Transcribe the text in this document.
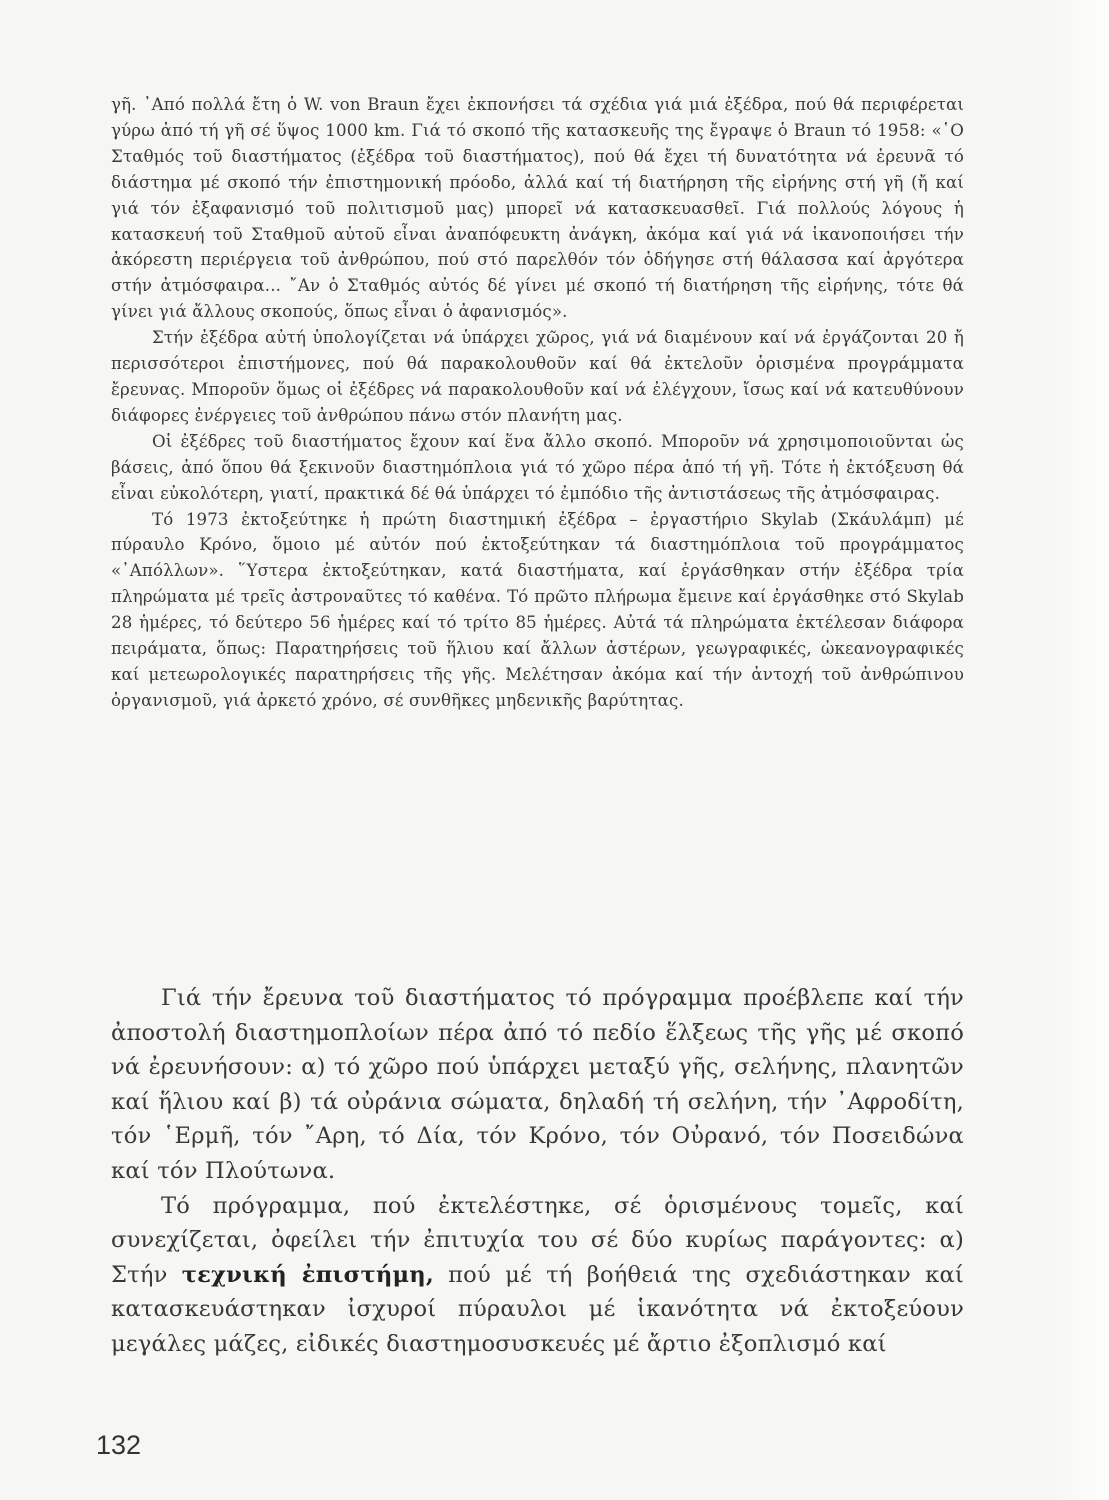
γῆ. ᾿Από πολλά ἔτη ὁ W. von Braun ἔχει ἐκπονήσει τά σχέδια γιά μιά ἐξέδρα, πού θά περιφέρεται γύρω ἀπό τή γῆ σέ ὕψος 1000 km. Γιά τό σκοπό τῆς κατασκευῆς της ἔγραψε ὁ Braun τό 1958: «῾Ο Σταθμός τοῦ διαστήματος (ἐξέδρα τοῦ διαστήματος), πού θά ἔχει τή δυνατότητα νά ἐρευνᾶ τό διάστημα μέ σκοπό τήν ἐπιστημονική πρόοδο, ἀλλά καί τή διατήρηση τῆς εἰρήνης στή γῆ (ἤ καί γιά τόν ἐξαφανισμό τοῦ πολιτισμοῦ μας) μπορεῖ νά κατασκευασθεῖ. Γιά πολλούς λόγους ἡ κατασκευή τοῦ Σταθμοῦ αὐτοῦ εἶναι ἀναπόφευκτη ἀνάγκη, ἀκόμα καί γιά νά ἱκανοποιήσει τήν ἀκόρεστη περιέργεια τοῦ ἀνθρώπου, πού στό παρελθόν τόν ὁδήγησε στή θάλασσα καί ἀργότερα στήν ἀτμόσφαιρα... ῎Αν ὁ Σταθμός αὐτός δέ γίνει μέ σκοπό τή διατήρηση τῆς εἰρήνης, τότε θά γίνει γιά ἄλλους σκοπούς, ὅπως εἶναι ὁ ἀφανισμός».

Στήν ἐξέδρα αὐτή ὑπολογίζεται νά ὑπάρχει χῶρος, γιά νά διαμένουν καί νά ἐργάζονται 20 ἤ περισσότεροι ἐπιστήμονες, πού θά παρακολουθοῦν καί θά ἐκτελοῦν ὁρισμένα προγράμματα ἔρευνας. Μποροῦν ὅμως οἱ ἐξέδρες νά παρακολουθοῦν καί νά ἐλέγχουν, ἴσως καί νά κατευθύνουν διάφορες ἐνέργειες τοῦ ἀνθρώπου πάνω στόν πλανήτη μας.

Οἱ ἐξέδρες τοῦ διαστήματος ἔχουν καί ἕνα ἄλλο σκοπό. Μποροῦν νά χρησιμοποιοῦνται ὡς βάσεις, ἀπό ὅπου θά ξεκινοῦν διαστημόπλοια γιά τό χῶρο πέρα ἀπό τή γῆ. Τότε ἡ ἐκτόξευση θά εἶναι εὐκολότερη, γιατί, πρακτικά δέ θά ὑπάρχει τό ἐμπόδιο τῆς ἀντιστάσεως τῆς ἀτμόσφαιρας.

Τό 1973 ἐκτοξεύτηκε ἡ πρώτη διαστημική ἐξέδρα – ἐργαστήριο Skylab (Σκάυλάμπ) μέ πύραυλο Κρόνο, ὅμοιο μέ αὐτόν πού ἐκτοξεύτηκαν τά διαστημόπλοια τοῦ προγράμματος «᾿Απόλλων». ῞Υστερα ἐκτοξεύτηκαν, κατά διαστήματα, καί ἐργάσθηκαν στήν ἐξέδρα τρία πληρώματα μέ τρεῖς ἀστροναῦτες τό καθένα. Τό πρῶτο πλήρωμα ἔμεινε καί ἐργάσθηκε στό Skylab 28 ἡμέρες, τό δεύτερο 56 ἡμέρες καί τό τρίτο 85 ἡμέρες. Αὐτά τά πληρώματα ἐκτέλεσαν διάφορα πειράματα, ὅπως: Παρατηρήσεις τοῦ ἥλιου καί ἄλλων ἀστέρων, γεωγραφικές, ὠκεανογραφικές καί μετεωρολογικές παρατηρήσεις τῆς γῆς. Μελέτησαν ἀκόμα καί τήν ἀντοχή τοῦ ἀνθρώπινου ὀργανισμοῦ, γιά ἀρκετό χρόνο, σέ συνθῆκες μηδενικῆς βαρύτητας.

Γιά τήν ἔρευνα τοῦ διαστήματος τό πρόγραμμα προέβλεπε καί τήν ἀποστολή διαστημοπλοίων πέρα ἀπό τό πεδίο ἕλξεως τῆς γῆς μέ σκοπό νά ἐρευνήσουν: α) τό χῶρο πού ὑπάρχει μεταξύ γῆς, σελήνης, πλανητῶν καί ἥλιου καί β) τά οὐράνια σώματα, δηλαδή τή σελήνη, τήν ᾿Αφροδίτη, τόν ῾Ερμῆ, τόν ῎Αρη, τό Δία, τόν Κρόνο, τόν Οὐρανό, τόν Ποσειδώνα καί τόν Πλούτωνα.

Τό πρόγραμμα, πού ἐκτελέστηκε, σέ ὁρισμένους τομεῖς, καί συνεχίζεται, ὀφείλει τήν ἐπιτυχία του σέ δύο κυρίως παράγοντες: α) Στήν τεχνική ἐπιστήμη, πού μέ τή βοήθειά της σχεδιάστηκαν καί κατασκευάστηκαν ἰσχυροί πύραυλοι μέ ἱκανότητα νά ἐκτοξεύουν μεγάλες μάζες, εἰδικές διαστημοσυσκευές μέ ἄρτιο ἐξοπλισμό καί

132
